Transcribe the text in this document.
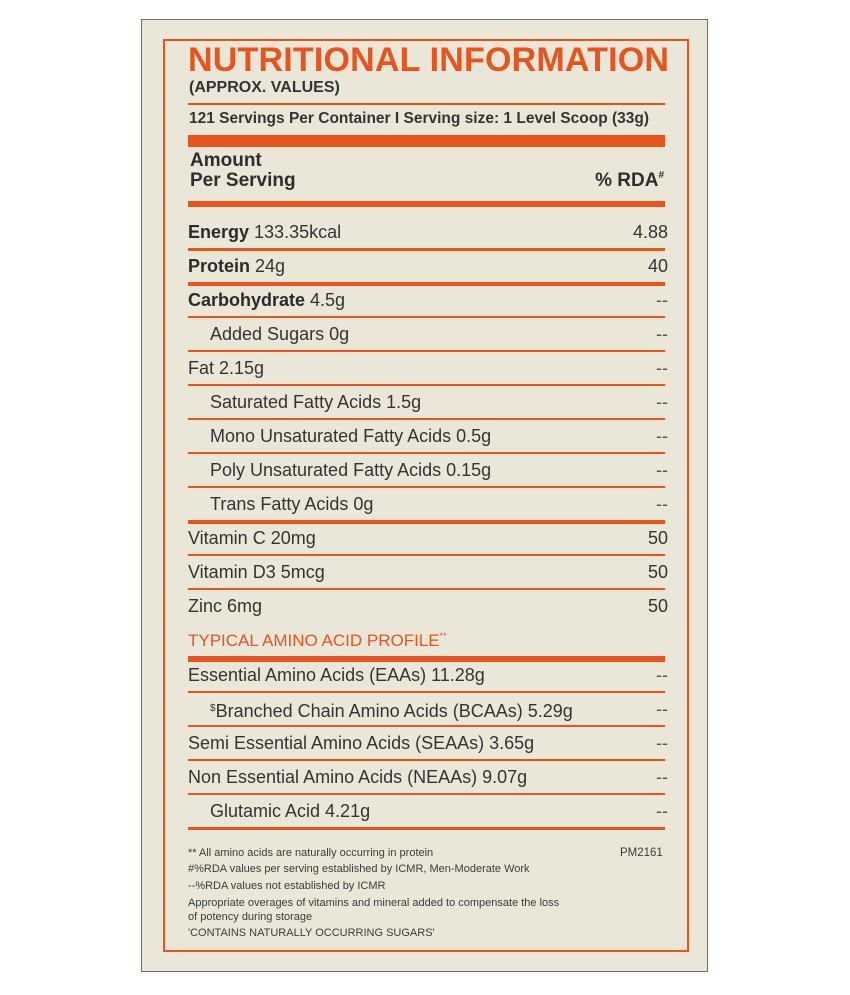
NUTRITIONAL INFORMATION
(APPROX. VALUES)
121 Servings Per Container I Serving size: 1 Level Scoop (33g)
Amount
Per Serving	% RDA#
Energy 133.35kcal	4.88
Protein 24g	40
Carbohydrate 4.5g	--
Added Sugars 0g	--
Fat 2.15g	--
Saturated Fatty Acids 1.5g	--
Mono Unsaturated Fatty Acids 0.5g	--
Poly Unsaturated Fatty Acids 0.15g	--
Trans Fatty Acids 0g	--
Vitamin C 20mg	50
Vitamin D3 5mcg	50
Zinc 6mg	50
TYPICAL AMINO ACID PROFILE**
Essential Amino Acids (EAAs) 11.28g	--
$Branched Chain Amino Acids (BCAAs) 5.29g	--
Semi Essential Amino Acids (SEAAs) 3.65g	--
Non Essential Amino Acids (NEAAs) 9.07g	--
Glutamic Acid 4.21g	--
** All amino acids are naturally occurring in protein
#%RDA values per serving established by ICMR, Men-Moderate Work
--%RDA values not established by ICMR
Appropriate overages of vitamins and mineral added to compensate the loss
of potency during storage
'CONTAINS NATURALLY OCCURRING SUGARS'
PM2161
